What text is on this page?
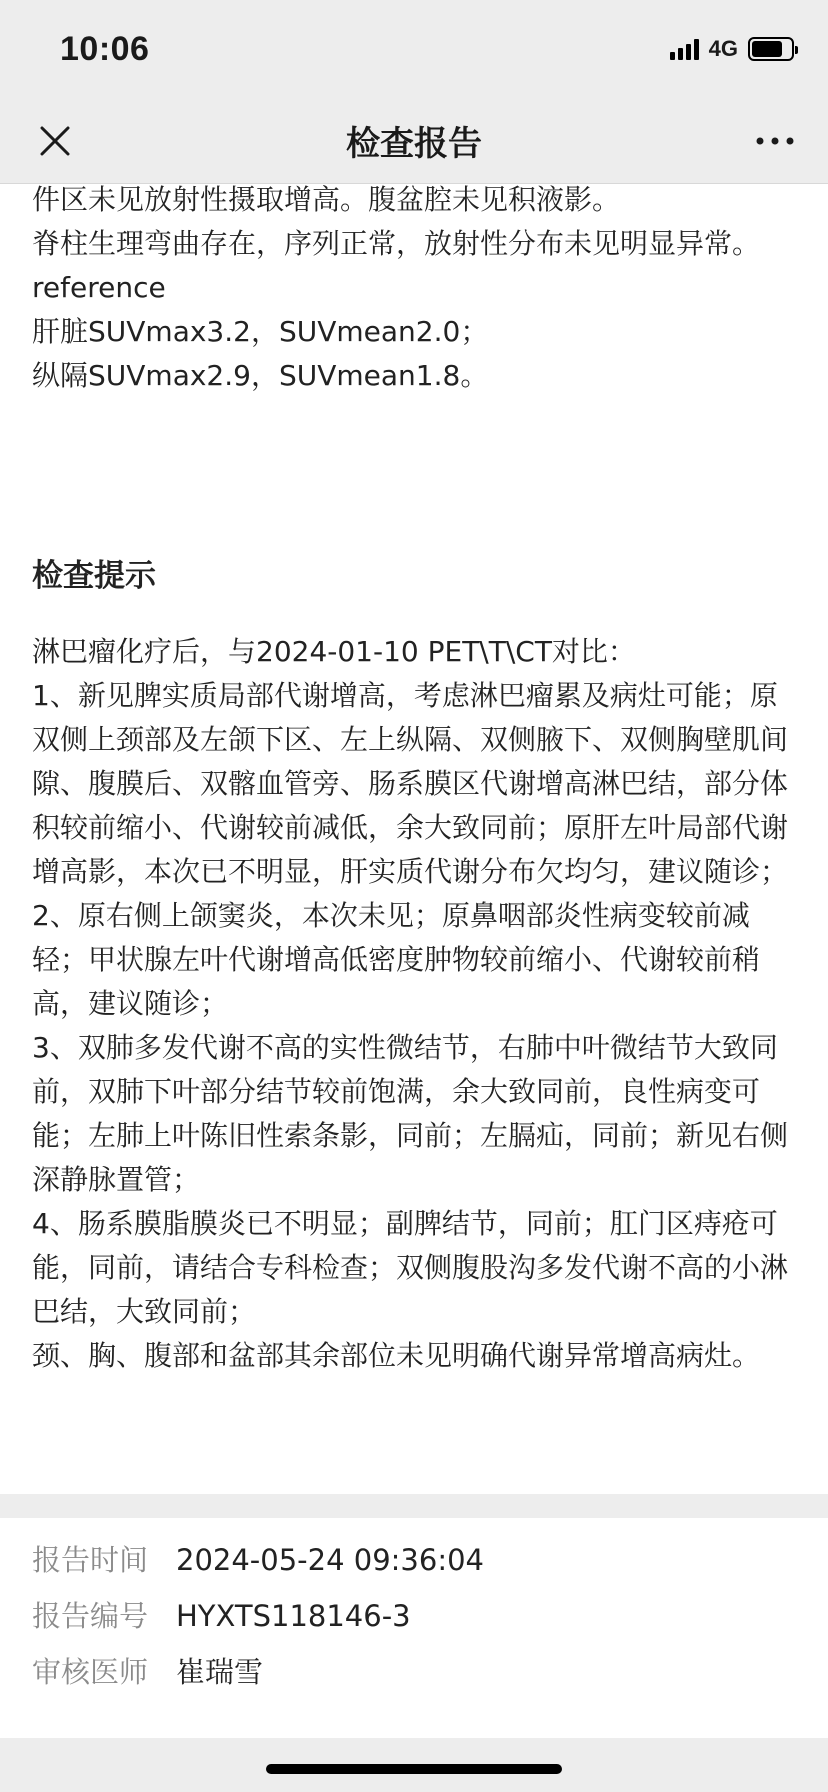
10:06	4G
检查报告

件区未见放射性摄取增高。腹盆腔未见积液影。
脊柱生理弯曲存在，序列正常，放射性分布未见明显异常。
reference
肝脏SUVmax3.2，SUVmean2.0；
纵隔SUVmax2.9，SUVmean1.8。
检查提示
淋巴瘤化疗后，与2024-01-10 PET\T\CT对比：
1、新见脾实质局部代谢增高，考虑淋巴瘤累及病灶可能；原双侧上颈部及左颌下区、左上纵隔、双侧腋下、双侧胸壁肌间隙、腹膜后、双髂血管旁、肠系膜区代谢增高淋巴结，部分体积较前缩小、代谢较前减低，余大致同前；原肝左叶局部代谢增高影，本次已不明显，肝实质代谢分布欠均匀，建议随诊；
2、原右侧上颌窦炎，本次未见；原鼻咽部炎性病变较前减轻；甲状腺左叶代谢增高低密度肿物较前缩小、代谢较前稍高，建议随诊；
3、双肺多发代谢不高的实性微结节，右肺中叶微结节大致同前，双肺下叶部分结节较前饱满，余大致同前，良性病变可能；左肺上叶陈旧性索条影，同前；左膈疝，同前；新见右侧深静脉置管；
4、肠系膜脂膜炎已不明显；副脾结节，同前；肛门区痔疮可能，同前，请结合专科检查；双侧腹股沟多发代谢不高的小淋巴结，大致同前；
颈、胸、腹部和盆部其余部位未见明确代谢异常增高病灶。
报告时间 2024-05-24 09:36:04
报告编号 HYXTS118146-3
审核医师 崔瑞雪
